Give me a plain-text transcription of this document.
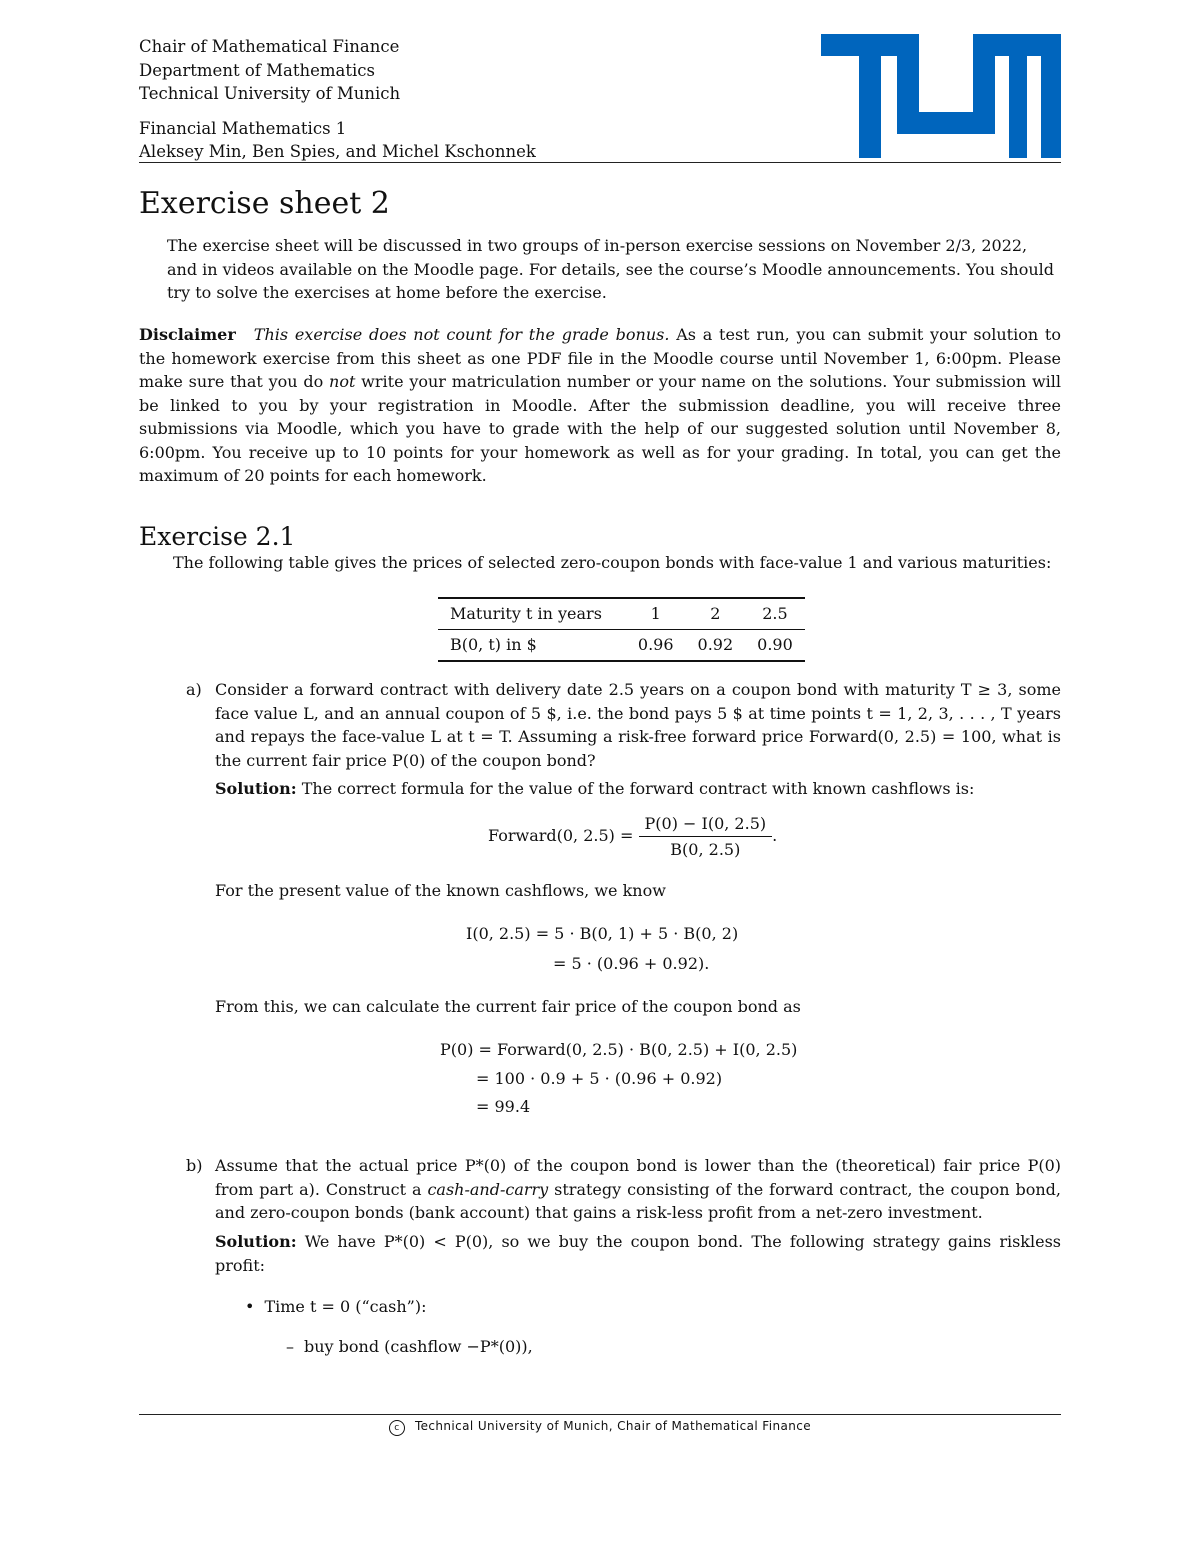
Chair of Mathematical Finance
Department of Mathematics
Technical University of Munich
Financial Mathematics 1
Aleksey Min, Ben Spies, and Michel Kschonnek
Exercise sheet 2
The exercise sheet will be discussed in two groups of in-person exercise sessions on November 2/3, 2022, and in videos available on the Moodle page. For details, see the course’s Moodle announcements. You should try to solve the exercises at home before the exercise.
Disclaimer This exercise does not count for the grade bonus. As a test run, you can submit your solution to the homework exercise from this sheet as one PDF file in the Moodle course until November 1, 6:00pm. Please make sure that you do not write your matriculation number or your name on the solutions. Your submission will be linked to you by your registration in Moodle. After the submission deadline, you will receive three submissions via Moodle, which you have to grade with the help of our suggested solution until November 8, 6:00pm. You receive up to 10 points for your homework as well as for your grading. In total, you can get the maximum of 20 points for each homework.
Exercise 2.1
The following table gives the prices of selected zero-coupon bonds with face-value 1 and various maturities:
Maturity t in years	1	2	2.5
B(0, t) in $	0.96	0.92	0.90
a) Consider a forward contract with delivery date 2.5 years on a coupon bond with maturity T ≥ 3, some face value L, and an annual coupon of 5 $, i.e. the bond pays 5 $ at time points t = 1, 2, 3, . . . , T years and repays the face-value L at t = T. Assuming a risk-free forward price Forward(0, 2.5) = 100, what is the current fair price P(0) of the coupon bond?
Solution: The correct formula for the value of the forward contract with known cashflows is:
Forward(0, $2.5) = \frac{P(0) - I(0, 2.5)}{B(0, 2.5)}$ .
For the present value of the known cashflows, we know
I(0, 2.5) = 5 · B(0, 1) + 5 · B(0, 2)
= 5 · (0.96 + 0.92).
From this, we can calculate the current fair price of the coupon bond as
P(0) = Forward(0, 2.5) · B(0, 2.5) + I(0, 2.5)
= 100 · 0.9 + 5 · (0.96 + 0.92)
= 99.4
b) Assume that the actual price P*(0) of the coupon bond is lower than the (theoretical) fair price P(0) from part a). Construct a cash-and-carry strategy consisting of the forward contract, the coupon bond, and zero-coupon bonds (bank account) that gains a risk-less profit from a net-zero investment.
Solution: We have P*(0) < P(0), so we buy the coupon bond. The following strategy gains riskless profit:
• Time t = 0 (“cash”):
– buy bond (cashflow −P*(0)),
c Technical University of Munich, Chair of Mathematical Finance
